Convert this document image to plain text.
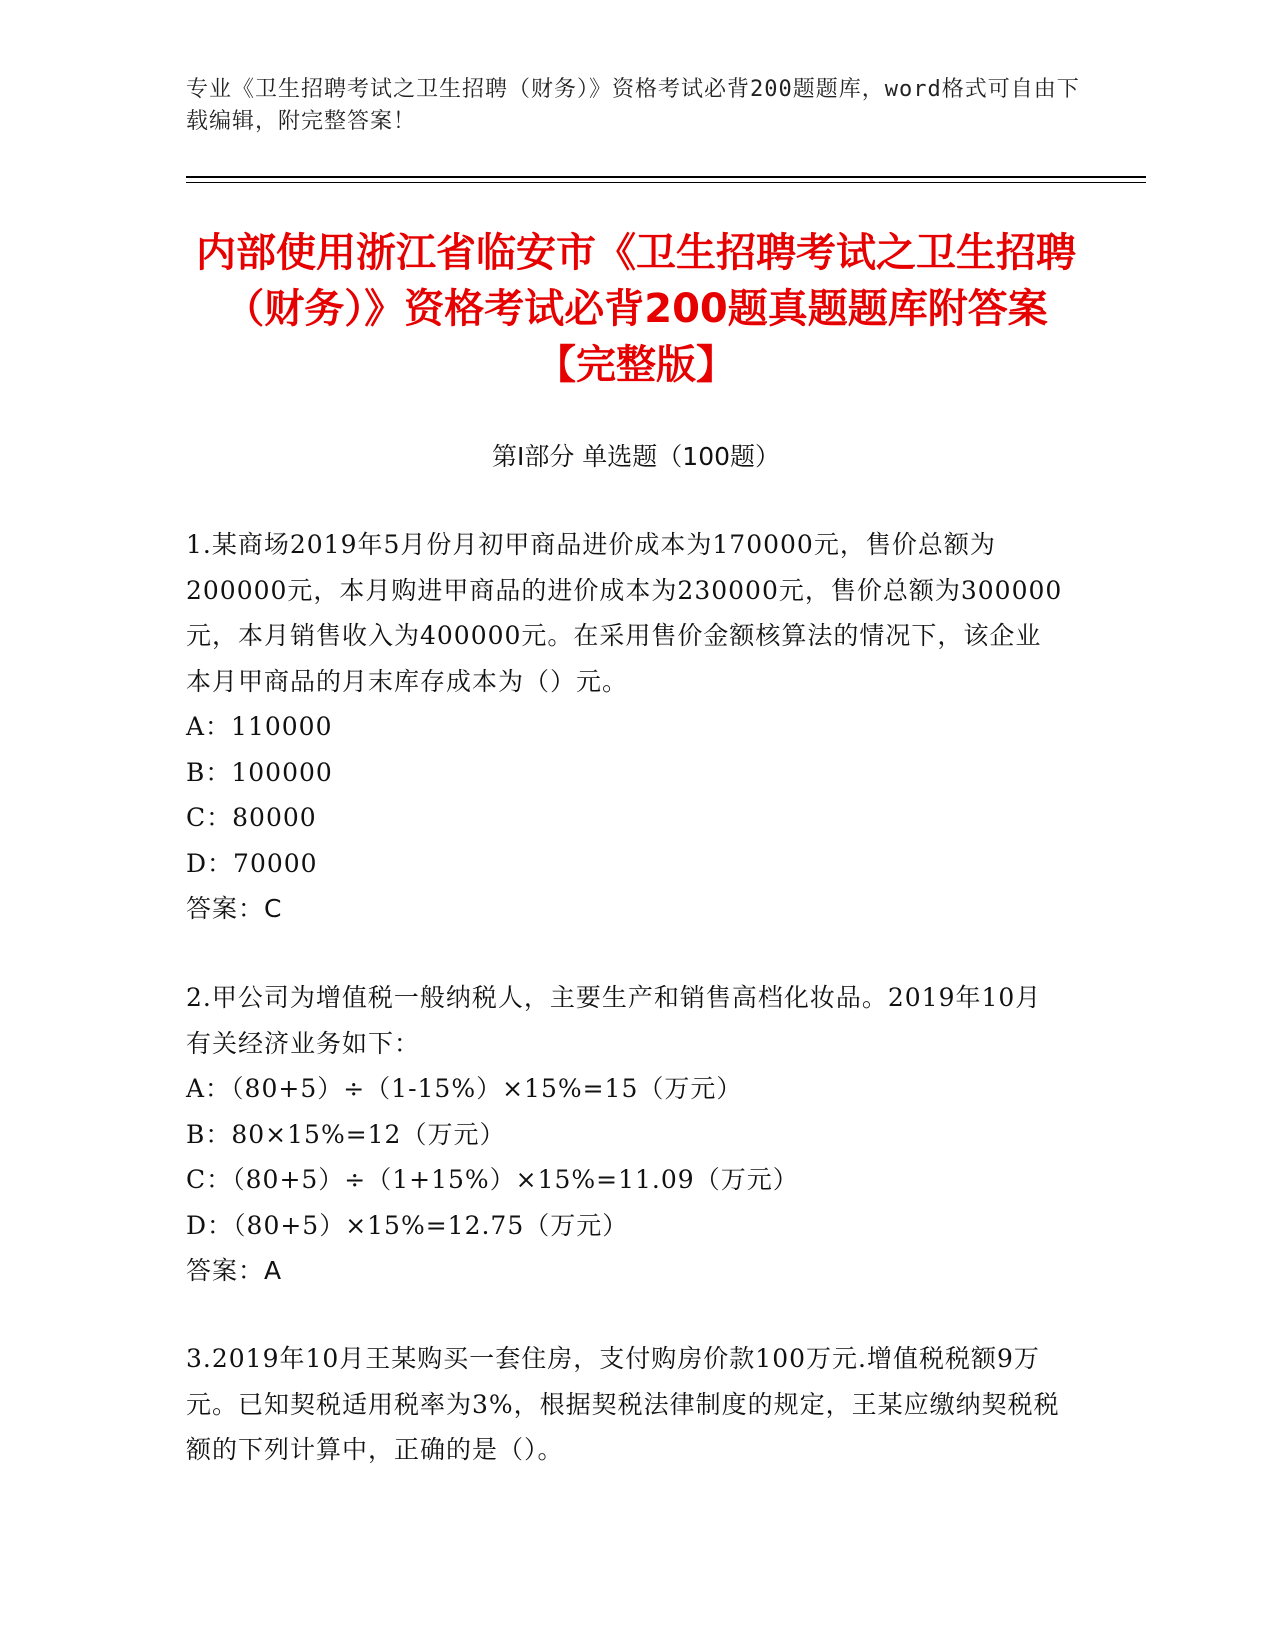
专业《卫生招聘考试之卫生招聘（财务）》资格考试必背200题题库，word格式可自由下载编辑，附完整答案！
内部使用浙江省临安市《卫生招聘考试之卫生招聘（财务）》资格考试必背200题真题题库附答案【完整版】
第I部分 单选题（100题）

1.某商场2019年5月份月初甲商品进价成本为170000元，售价总额为200000元，本月购进甲商品的进价成本为230000元，售价总额为300000元，本月销售收入为400000元。在采用售价金额核算法的情况下，该企业本月甲商品的月末库存成本为（）元。

A：110000

B：100000

C：80000

D：70000

答案：C

2.甲公司为增值税一般纳税人，主要生产和销售高档化妆品。2019年10月有关经济业务如下：

A：（80+5）÷（1-15%）×15%=15（万元）

B：80×15%=12（万元）

C：（80+5）÷（1+15%）×15%=11.09（万元）

D：（80+5）×15%=12.75（万元）

答案：A

3.2019年10月王某购买一套住房，支付购房价款100万元.增值税税额9万元。已知契税适用税率为3%，根据契税法律制度的规定，王某应缴纳契税税额的下列计算中，正确的是（）。
